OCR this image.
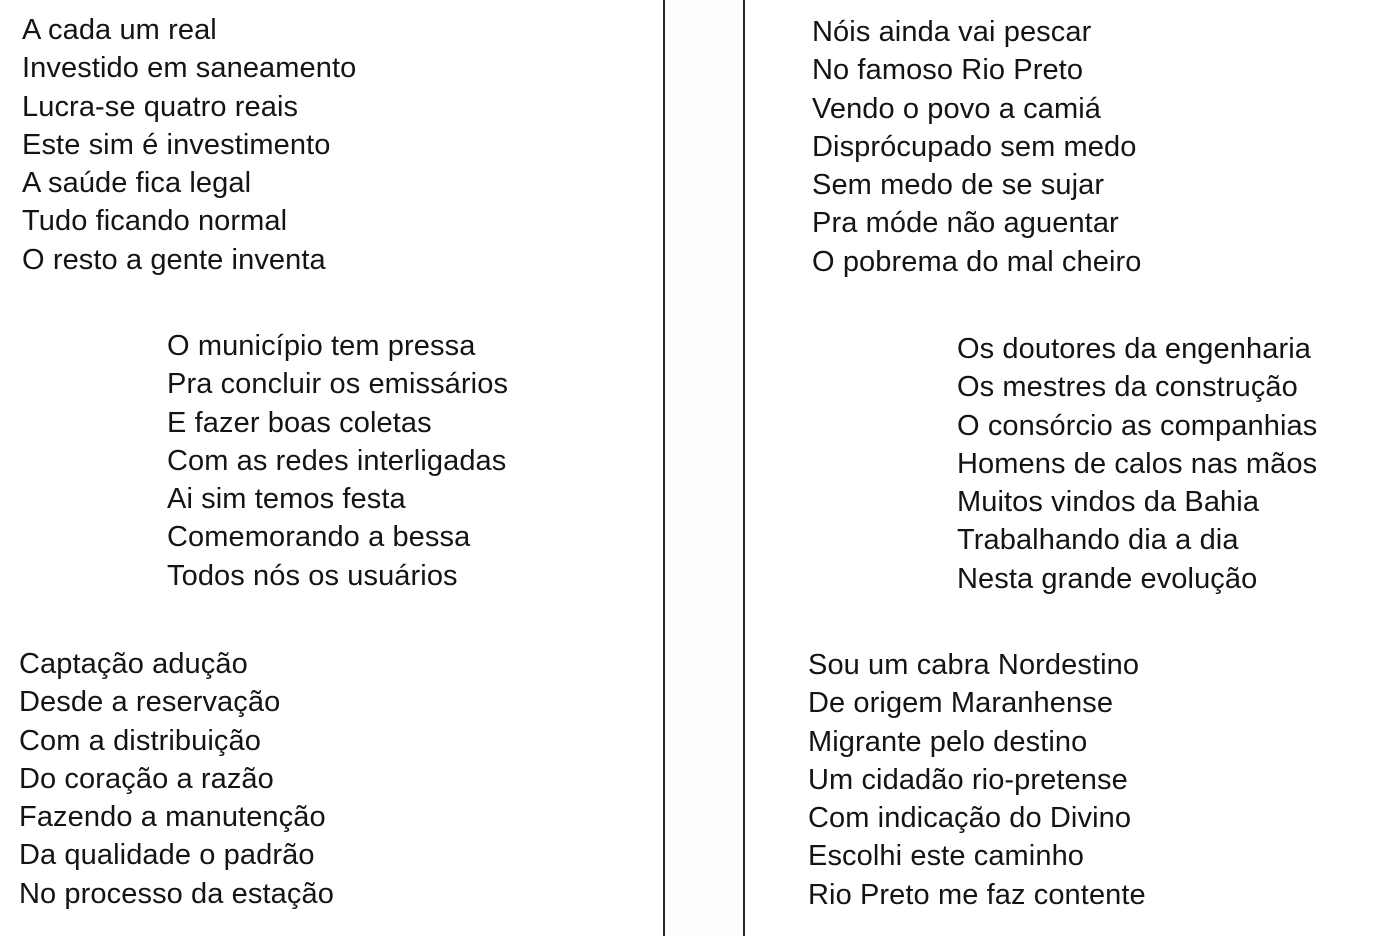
A cada um real
Investido em saneamento
Lucra-se quatro reais
Este sim é investimento
A saúde fica legal
Tudo ficando normal
O resto a gente inventa
O município tem pressa
Pra concluir os emissários
E fazer boas coletas
Com as redes interligadas
Ai sim temos festa
Comemorando a bessa
Todos nós os usuários
Captação adução
Desde a reservação
Com a distribuição
Do coração a razão
Fazendo a manutenção
Da qualidade o padrão
No processo da estação
Nóis ainda vai pescar
No famoso Rio Preto
Vendo o povo a camiá
Disprócupado sem medo
Sem medo de se sujar
Pra móde não aguentar
O pobrema do mal cheiro
Os doutores da engenharia
Os mestres da construção
O consórcio as companhias
Homens de calos nas mãos
Muitos vindos da Bahia
Trabalhando dia a dia
Nesta grande evolução
Sou um cabra Nordestino
De origem Maranhense
Migrante pelo destino
Um cidadão rio-pretense
Com indicação do Divino
Escolhi este caminho
Rio Preto me faz contente
